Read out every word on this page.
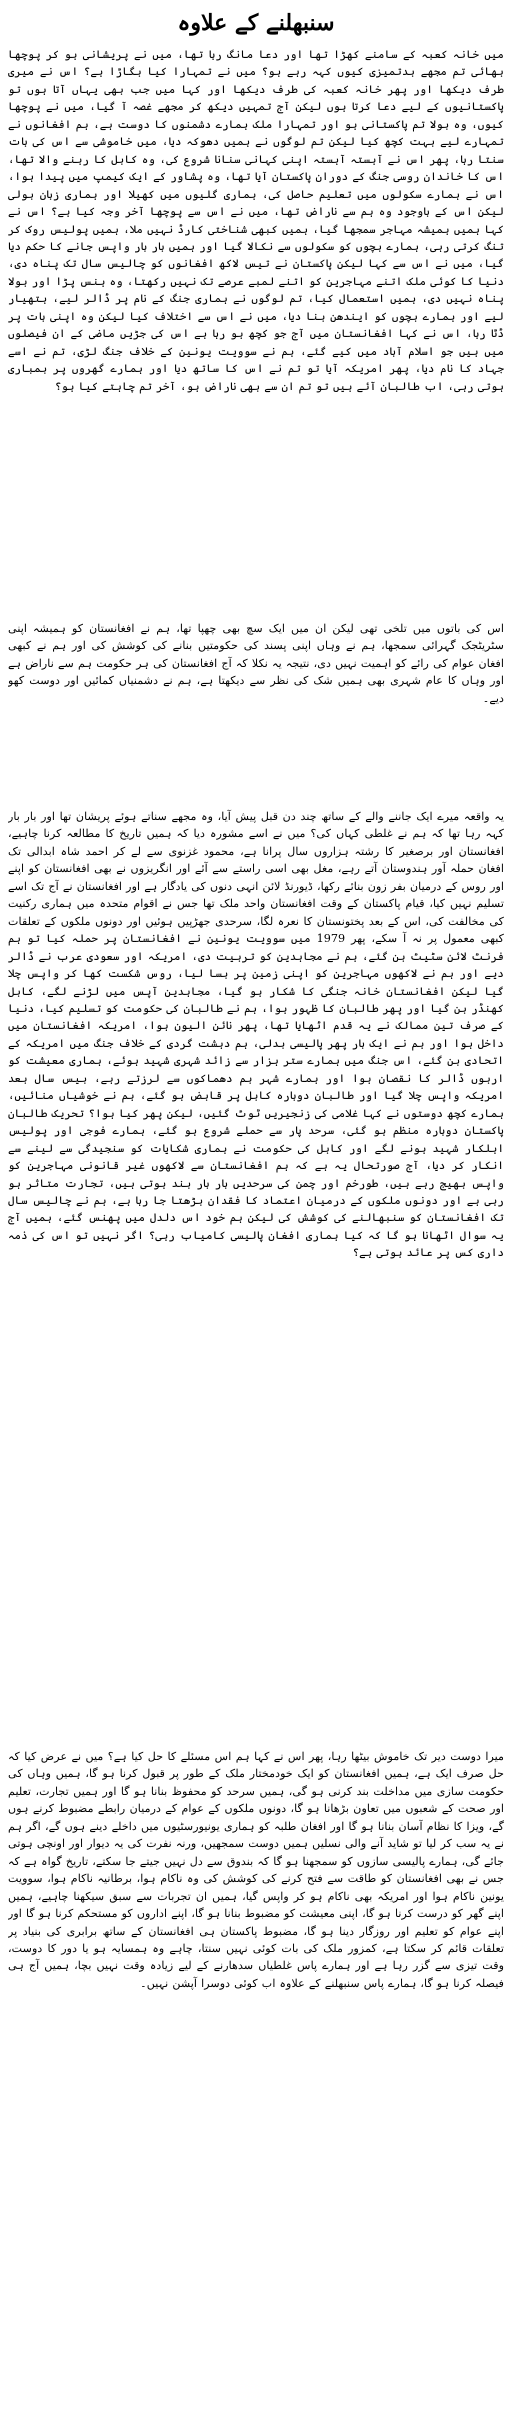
سنبھلنے کے علاوہ

میں خانہ کعبہ کے سامنے کھڑا تھا اور دعا مانگ رہا تھا، میں نے پریشانی ہو کر پوچھا بھائی تم مجھے بدتمیزی کیوں کہہ رہے ہو؟ میں نے تمہارا کیا بگاڑا ہے؟ اس نے میری طرف دیکھا اور پھر خانہ کعبہ کی طرف دیکھا اور کہا میں جب بھی یہاں آتا ہوں تو پاکستانیوں کے لیے دعا کرتا ہوں لیکن آج تمہیں دیکھ کر مجھے غصہ آ گیا، میں نے پوچھا کیوں، وہ بولا تم پاکستانی ہو اور تمہارا ملک ہمارے دشمنوں کا دوست ہے، ہم افغانوں نے تمہارے لیے بہت کچھ کیا لیکن تم لوگوں نے ہمیں دھوکہ دیا، میں خاموشی سے اس کی بات سنتا رہا، پھر اس نے آہستہ آہستہ اپنی کہانی سنانا شروع کی، وہ کابل کا رہنے والا تھا، اس کا خاندان روسی جنگ کے دوران پاکستان آیا تھا، وہ پشاور کے ایک کیمپ میں پیدا ہوا، اس نے ہمارے سکولوں میں تعلیم حاصل کی، ہماری گلیوں میں کھیلا اور ہماری زبان بولی لیکن اس کے باوجود وہ ہم سے ناراض تھا، میں نے اس سے پوچھا آخر وجہ کیا ہے؟ اس نے کہا ہمیں ہمیشہ مہاجر سمجھا گیا، ہمیں کبھی شناختی کارڈ نہیں ملا، ہمیں پولیس روک کر تنگ کرتی رہی، ہمارے بچوں کو سکولوں سے نکالا گیا اور ہمیں بار بار واپس جانے کا حکم دیا گیا، میں نے اس سے کہا لیکن پاکستان نے تیس لاکھ افغانوں کو چالیس سال تک پناہ دی، دنیا کا کوئی ملک اتنے مہاجرین کو اتنے لمبے عرصے تک نہیں رکھتا، وہ ہنس پڑا اور بولا پناہ نہیں دی، ہمیں استعمال کیا، تم لوگوں نے ہماری جنگ کے نام پر ڈالر لیے، ہتھیار لیے اور ہمارے بچوں کو ایندھن بنا دیا، میں نے اس سے اختلاف کیا لیکن وہ اپنی بات پر ڈٹا رہا، اس نے کہا افغانستان میں آج جو کچھ ہو رہا ہے اس کی جڑیں ماضی کے ان فیصلوں میں ہیں جو اسلام آباد میں کیے گئے، ہم نے سوویت یونین کے خلاف جنگ لڑی، تم نے اسے جہاد کا نام دیا، پھر امریکہ آیا تو تم نے اس کا ساتھ دیا اور ہمارے گھروں پر بمباری ہوتی رہی، اب طالبان آئے ہیں تو تم ان سے بھی ناراض ہو، آخر تم چاہتے کیا ہو؟

اس کی باتوں میں تلخی تھی لیکن ان میں ایک سچ بھی چھپا تھا، ہم نے افغانستان کو ہمیشہ اپنی سٹریٹجک گہرائی سمجھا، ہم نے وہاں اپنی پسند کی حکومتیں بنانے کی کوشش کی اور ہم نے کبھی افغان عوام کی رائے کو اہمیت نہیں دی، نتیجہ یہ نکلا کہ آج افغانستان کی ہر حکومت ہم سے ناراض ہے اور وہاں کا عام شہری بھی ہمیں شک کی نظر سے دیکھتا ہے، ہم نے دشمنیاں کمائیں اور دوست کھو دیے۔

یہ واقعہ میرے ایک جاننے والے کے ساتھ چند دن قبل پیش آیا، وہ مجھے سناتے ہوئے پریشان تھا اور بار بار کہہ رہا تھا کہ ہم نے غلطی کہاں کی؟ میں نے اسے مشورہ دیا کہ ہمیں تاریخ کا مطالعہ کرنا چاہیے، افغانستان اور برصغیر کا رشتہ ہزاروں سال پرانا ہے، محمود غزنوی سے لے کر احمد شاہ ابدالی تک افغان حملہ آور ہندوستان آتے رہے، مغل بھی اسی راستے سے آئے اور انگریزوں نے بھی افغانستان کو اپنے اور روس کے درمیان بفر زون بنائے رکھا، ڈیورنڈ لائن انہی دنوں کی یادگار ہے اور افغانستان نے آج تک اسے تسلیم نہیں کیا، قیام پاکستان کے وقت افغانستان واحد ملک تھا جس نے اقوام متحدہ میں ہماری رکنیت کی مخالفت کی، اس کے بعد پختونستان کا نعرہ لگا، سرحدی جھڑپیں ہوئیں اور دونوں ملکوں کے تعلقات کبھی معمول پر نہ آ سکے، پھر 1979 میں سوویت یونین نے افغانستان پر حملہ کیا تو ہم فرنٹ لائن سٹیٹ بن گئے، ہم نے مجاہدین کو تربیت دی، امریکہ اور سعودی عرب نے ڈالر دیے اور ہم نے لاکھوں مہاجرین کو اپنی زمین پر بسا لیا، روس شکست کھا کر واپس چلا گیا لیکن افغانستان خانہ جنگی کا شکار ہو گیا، مجاہدین آپس میں لڑنے لگے، کابل کھنڈر بن گیا اور پھر طالبان کا ظہور ہوا، ہم نے طالبان کی حکومت کو تسلیم کیا، دنیا کے صرف تین ممالک نے یہ قدم اٹھایا تھا، پھر نائن الیون ہوا، امریکہ افغانستان میں داخل ہوا اور ہم نے ایک بار پھر پالیسی بدلی، ہم دہشت گردی کے خلاف جنگ میں امریکہ کے اتحادی بن گئے، اس جنگ میں ہمارے ستر ہزار سے زائد شہری شہید ہوئے، ہماری معیشت کو اربوں ڈالر کا نقصان ہوا اور ہمارے شہر بم دھماکوں سے لرزتے رہے، بیس سال بعد امریکہ واپس چلا گیا اور طالبان دوبارہ کابل پر قابض ہو گئے، ہم نے خوشیاں منائیں، ہمارے کچھ دوستوں نے کہا غلامی کی زنجیریں ٹوٹ گئیں، لیکن پھر کیا ہوا؟ تحریک طالبان پاکستان دوبارہ منظم ہو گئی، سرحد پار سے حملے شروع ہو گئے، ہمارے فوجی اور پولیس اہلکار شہید ہونے لگے اور کابل کی حکومت نے ہماری شکایات کو سنجیدگی سے لینے سے انکار کر دیا، آج صورتحال یہ ہے کہ ہم افغانستان سے لاکھوں غیر قانونی مہاجرین کو واپس بھیج رہے ہیں، طورخم اور چمن کی سرحدیں بار بار بند ہوتی ہیں، تجارت متاثر ہو رہی ہے اور دونوں ملکوں کے درمیان اعتماد کا فقدان بڑھتا جا رہا ہے، ہم نے چالیس سال تک افغانستان کو سنبھالنے کی کوشش کی لیکن ہم خود اس دلدل میں پھنس گئے، ہمیں آج یہ سوال اٹھانا ہو گا کہ کیا ہماری افغان پالیسی کامیاب رہی؟ اگر نہیں تو اس کی ذمہ داری کس پر عائد ہوتی ہے؟

میرا دوست دیر تک خاموش بیٹھا رہا، پھر اس نے کہا ہم اس مسئلے کا حل کیا ہے؟ میں نے عرض کیا کہ حل صرف ایک ہے، ہمیں افغانستان کو ایک خودمختار ملک کے طور پر قبول کرنا ہو گا، ہمیں وہاں کی حکومت سازی میں مداخلت بند کرنی ہو گی، ہمیں سرحد کو محفوظ بنانا ہو گا اور ہمیں تجارت، تعلیم اور صحت کے شعبوں میں تعاون بڑھانا ہو گا، دونوں ملکوں کے عوام کے درمیان رابطے مضبوط کرنے ہوں گے، ویزا کا نظام آسان بنانا ہو گا اور افغان طلبہ کو ہماری یونیورسٹیوں میں داخلے دینے ہوں گے، اگر ہم نے یہ سب کر لیا تو شاید آنے والی نسلیں ہمیں دوست سمجھیں، ورنہ نفرت کی یہ دیوار اور اونچی ہوتی جائے گی، ہمارے پالیسی سازوں کو سمجھنا ہو گا کہ بندوق سے دل نہیں جیتے جا سکتے، تاریخ گواہ ہے کہ جس نے بھی افغانستان کو طاقت سے فتح کرنے کی کوشش کی وہ ناکام ہوا، برطانیہ ناکام ہوا، سوویت یونین ناکام ہوا اور امریکہ بھی ناکام ہو کر واپس گیا، ہمیں ان تجربات سے سبق سیکھنا چاہیے، ہمیں اپنے گھر کو درست کرنا ہو گا، اپنی معیشت کو مضبوط بنانا ہو گا، اپنے اداروں کو مستحکم کرنا ہو گا اور اپنے عوام کو تعلیم اور روزگار دینا ہو گا، مضبوط پاکستان ہی افغانستان کے ساتھ برابری کی بنیاد پر تعلقات قائم کر سکتا ہے، کمزور ملک کی بات کوئی نہیں سنتا، چاہے وہ ہمسایہ ہو یا دور کا دوست، وقت تیزی سے گزر رہا ہے اور ہمارے پاس غلطیاں سدھارنے کے لیے زیادہ وقت نہیں بچا، ہمیں آج ہی فیصلہ کرنا ہو گا، ہمارے پاس سنبھلنے کے علاوہ اب کوئی دوسرا آپشن نہیں۔
